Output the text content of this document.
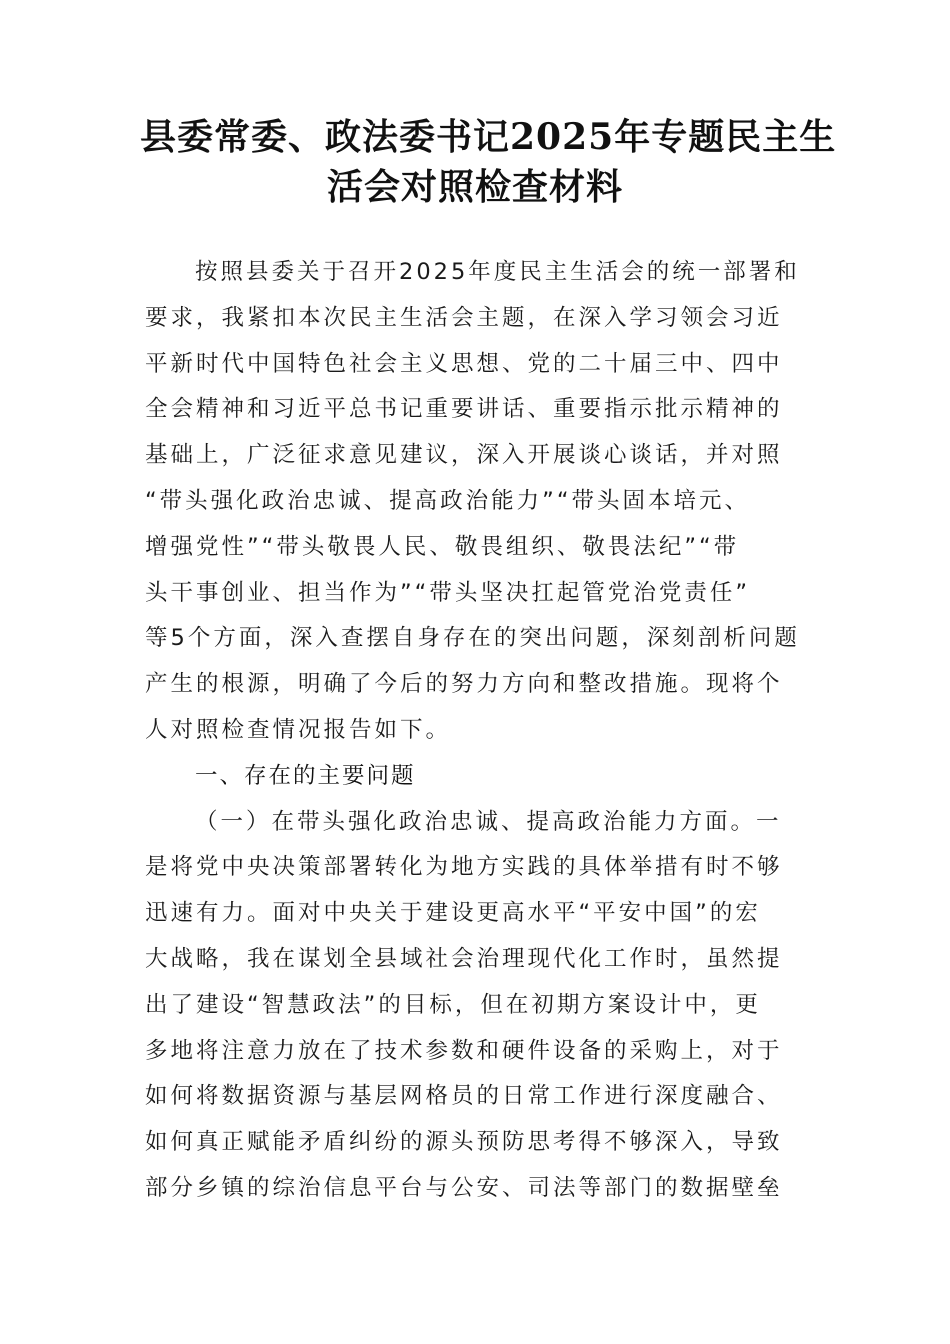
县委常委、政法委书记2025年专题民主生
活会对照检查材料
按照县委关于召开2025年度民主生活会的统一部署和
要求，我紧扣本次民主生活会主题，在深入学习领会习近
平新时代中国特色社会主义思想、党的二十届三中、四中
全会精神和习近平总书记重要讲话、重要指示批示精神的
基础上，广泛征求意见建议，深入开展谈心谈话，并对照
“带头强化政治忠诚、提高政治能力”“带头固本培元、
增强党性”“带头敬畏人民、敬畏组织、敬畏法纪”“带
头干事创业、担当作为”“带头坚决扛起管党治党责任”
等5个方面，深入查摆自身存在的突出问题，深刻剖析问题
产生的根源，明确了今后的努力方向和整改措施。现将个
人对照检查情况报告如下。
一、存在的主要问题
（一）在带头强化政治忠诚、提高政治能力方面。一
是将党中央决策部署转化为地方实践的具体举措有时不够
迅速有力。面对中央关于建设更高水平“平安中国”的宏
大战略，我在谋划全县域社会治理现代化工作时，虽然提
出了建设“智慧政法”的目标，但在初期方案设计中，更
多地将注意力放在了技术参数和硬件设备的采购上，对于
如何将数据资源与基层网格员的日常工作进行深度融合、
如何真正赋能矛盾纠纷的源头预防思考得不够深入，导致
部分乡镇的综治信息平台与公安、司法等部门的数据壁垒
